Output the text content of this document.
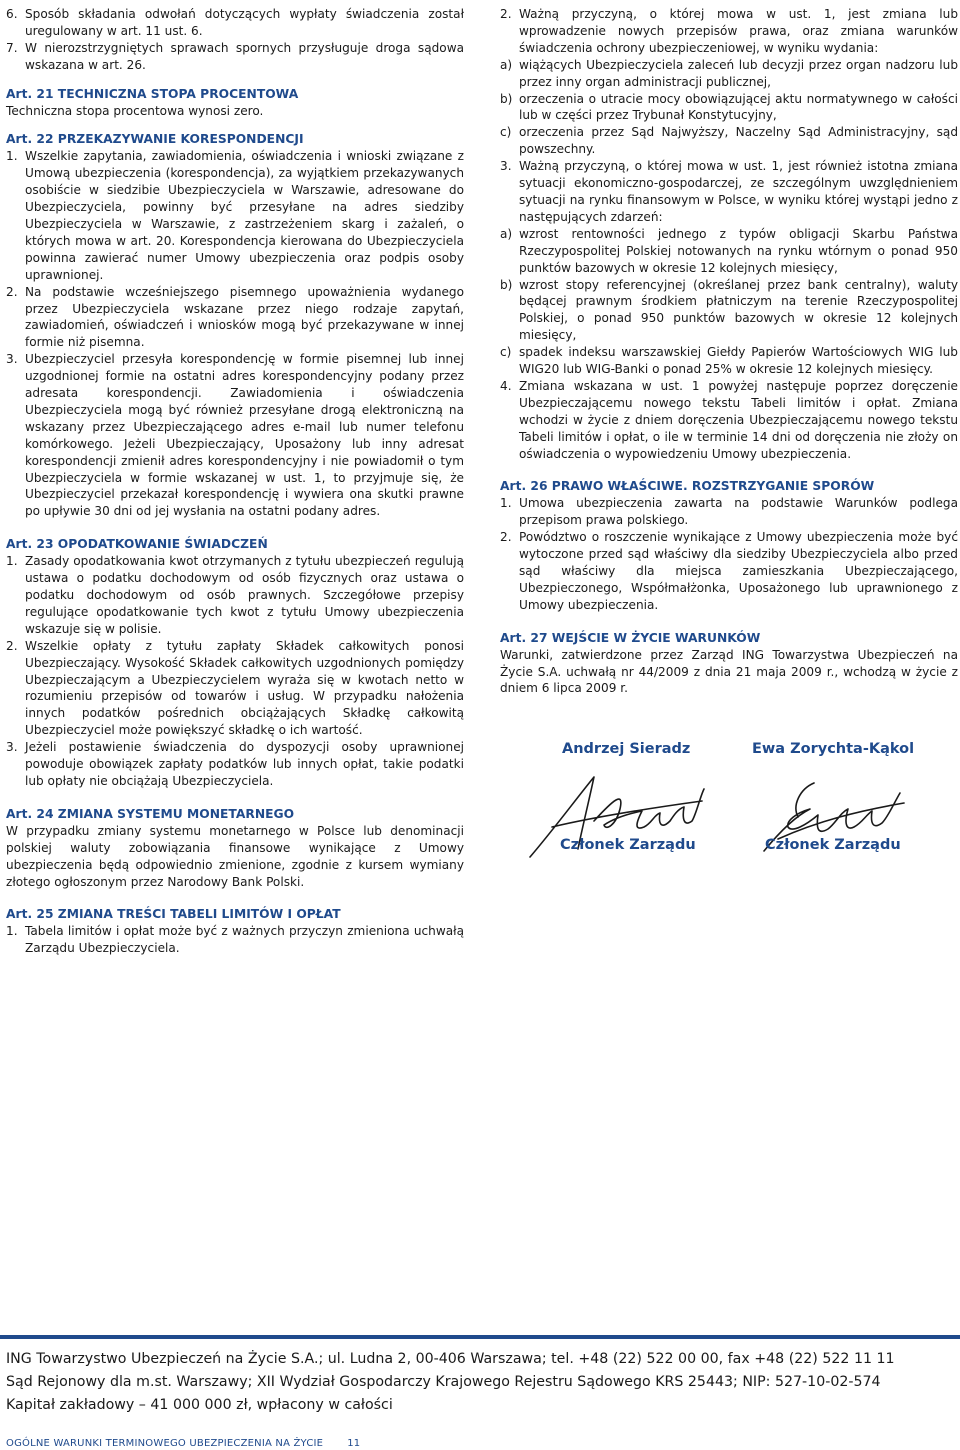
6. Sposób składania odwołań dotyczących wypłaty świadczenia został uregulowany w art. 11 ust. 6.
7. W nierozstrzygniętych sprawach spornych przysługuje droga sądowa wskazana w art. 26.

Art. 21 TECHNICZNA STOPA PROCENTOWA

Techniczna stopa procentowa wynosi zero.

Art. 22 PRZEKAZYWANIE KORESPONDENCJI

1. Wszelkie zapytania, zawiadomienia, oświadczenia i wnioski związane z Umową ubezpieczenia (korespondencja), za wyjątkiem przekazywanych osobiście w siedzibie Ubezpieczyciela w Warszawie, adresowane do Ubezpieczyciela, powinny być przesyłane na adres siedziby Ubezpieczyciela w Warszawie, z zastrzeżeniem skarg i zażaleń, o których mowa w art. 20. Korespondencja kierowana do Ubezpieczyciela powinna zawierać numer Umowy ubezpieczenia oraz podpis osoby uprawnionej.
2. Na podstawie wcześniejszego pisemnego upoważnienia wydanego przez Ubezpieczyciela wskazane przez niego rodzaje zapytań, zawiadomień, oświadczeń i wniosków mogą być przekazywane w innej formie niż pisemna.
3. Ubezpieczyciel przesyła korespondencję w formie pisemnej lub innej uzgodnionej formie na ostatni adres korespondencyjny podany przez adresata korespondencji. Zawiadomienia i oświadczenia Ubezpieczyciela mogą być również przesyłane drogą elektroniczną na wskazany przez Ubezpieczającego adres e-mail lub numer telefonu komórkowego. Jeżeli Ubezpieczający, Uposażony lub inny adresat korespondencji zmienił adres korespondencyjny i nie powiadomił o tym Ubezpieczyciela w formie wskazanej w ust. 1, to przyjmuje się, że Ubezpieczyciel przekazał korespondencję i wywiera ona skutki prawne po upływie 30 dni od jej wysłania na ostatni podany adres.

Art. 23 OPODATKOWANIE ŚWIADCZEŃ

1. Zasady opodatkowania kwot otrzymanych z tytułu ubezpieczeń regulują ustawa o podatku dochodowym od osób fizycznych oraz ustawa o podatku dochodowym od osób prawnych. Szczegółowe przepisy regulujące opodatkowanie tych kwot z tytułu Umowy ubezpieczenia wskazuje się w polisie.
2. Wszelkie opłaty z tytułu zapłaty Składek całkowitych ponosi Ubezpieczający. Wysokość Składek całkowitych uzgodnionych pomiędzy Ubezpieczającym a Ubezpieczycielem wyraża się w kwotach netto w rozumieniu przepisów od towarów i usług. W przypadku nałożenia innych podatków pośrednich obciążających Składkę całkowitą Ubezpieczyciel może powiększyć składkę o ich wartość.
3. Jeżeli postawienie świadczenia do dyspozycji osoby uprawnionej powoduje obowiązek zapłaty podatków lub innych opłat, takie podatki lub opłaty nie obciążają Ubezpieczyciela.

Art. 24 ZMIANA SYSTEMU MONETARNEGO

W przypadku zmiany systemu monetarnego w Polsce lub denominacji polskiej waluty zobowiązania finansowe wynikające z Umowy ubezpieczenia będą odpowiednio zmienione, zgodnie z kursem wymiany złotego ogłoszonym przez Narodowy Bank Polski.

Art. 25 ZMIANA TREŚCI TABELI LIMITÓW I OPŁAT

1. Tabela limitów i opłat może być z ważnych przyczyn zmieniona uchwałą Zarządu Ubezpieczyciela.
2. Ważną przyczyną, o której mowa w ust. 1, jest zmiana lub wprowadzenie nowych przepisów prawa, oraz zmiana warunków świadczenia ochrony ubezpieczeniowej, w wyniku wydania:
a) wiążących Ubezpieczyciela zaleceń lub decyzji przez organ nadzoru lub przez inny organ administracji publicznej,
b) orzeczenia o utracie mocy obowiązującej aktu normatywnego w całości lub w części przez Trybunał Konstytucyjny,
c) orzeczenia przez Sąd Najwyższy, Naczelny Sąd Administracyjny, sąd powszechny.
3. Ważną przyczyną, o której mowa w ust. 1, jest również istotna zmiana sytuacji ekonomiczno-gospodarczej, ze szczególnym uwzględnieniem sytuacji na rynku finansowym w Polsce, w wyniku której wystąpi jedno z następujących zdarzeń:
a) wzrost rentowności jednego z typów obligacji Skarbu Państwa Rzeczypospolitej Polskiej notowanych na rynku wtórnym o ponad 950 punktów bazowych w okresie 12 kolejnych miesięcy,
b) wzrost stopy referencyjnej (określanej przez bank centralny), waluty będącej prawnym środkiem płatniczym na terenie Rzeczypospolitej Polskiej, o ponad 950 punktów bazowych w okresie 12 kolejnych miesięcy,
c) spadek indeksu warszawskiej Giełdy Papierów Wartościowych WIG lub WIG20 lub WIG-Banki o ponad 25% w okresie 12 kolejnych miesięcy.
4. Zmiana wskazana w ust. 1 powyżej następuje poprzez doręczenie Ubezpieczającemu nowego tekstu Tabeli limitów i opłat. Zmiana wchodzi w życie z dniem doręczenia Ubezpieczającemu nowego tekstu Tabeli limitów i opłat, o ile w terminie 14 dni od doręczenia nie złoży on oświadczenia o wypowiedzeniu Umowy ubezpieczenia.

Art. 26 PRAWO WŁAŚCIWE. ROZSTRZYGANIE SPORÓW

1. Umowa ubezpieczenia zawarta na podstawie Warunków podlega przepisom prawa polskiego.
2. Powództwo o roszczenie wynikające z Umowy ubezpieczenia może być wytoczone przed sąd właściwy dla siedziby Ubezpieczyciela albo przed sąd właściwy dla miejsca zamieszkania Ubezpieczającego, Ubezpieczonego, Współmałżonka, Uposażonego lub uprawnionego z Umowy ubezpieczenia.

Art. 27 WEJŚCIE W ŻYCIE WARUNKÓW

Warunki, zatwierdzone przez Zarząd ING Towarzystwa Ubezpieczeń na Życie S.A. uchwałą nr 44/2009 z dnia 21 maja 2009 r., wchodzą w życie z dniem 6 lipca 2009 r.

Andrzej Sieradz	Ewa Zorychta-Kąkol
Członek Zarządu	Członek Zarządu
ING Towarzystwo Ubezpieczeń na Życie S.A.; ul. Ludna 2, 00-406 Warszawa; tel. +48 (22) 522 00 00, fax +48 (22) 522 11 11
Sąd Rejonowy dla m.st. Warszawy; XII Wydział Gospodarczy Krajowego Rejestru Sądowego KRS 25443; NIP: 527-10-02-574
Kapitał zakładowy – 41 000 000 zł, wpłacony w całości
OGÓLNE WARUNKI TERMINOWEGO UBEZPIECZENIA NA ŻYCIE 11
